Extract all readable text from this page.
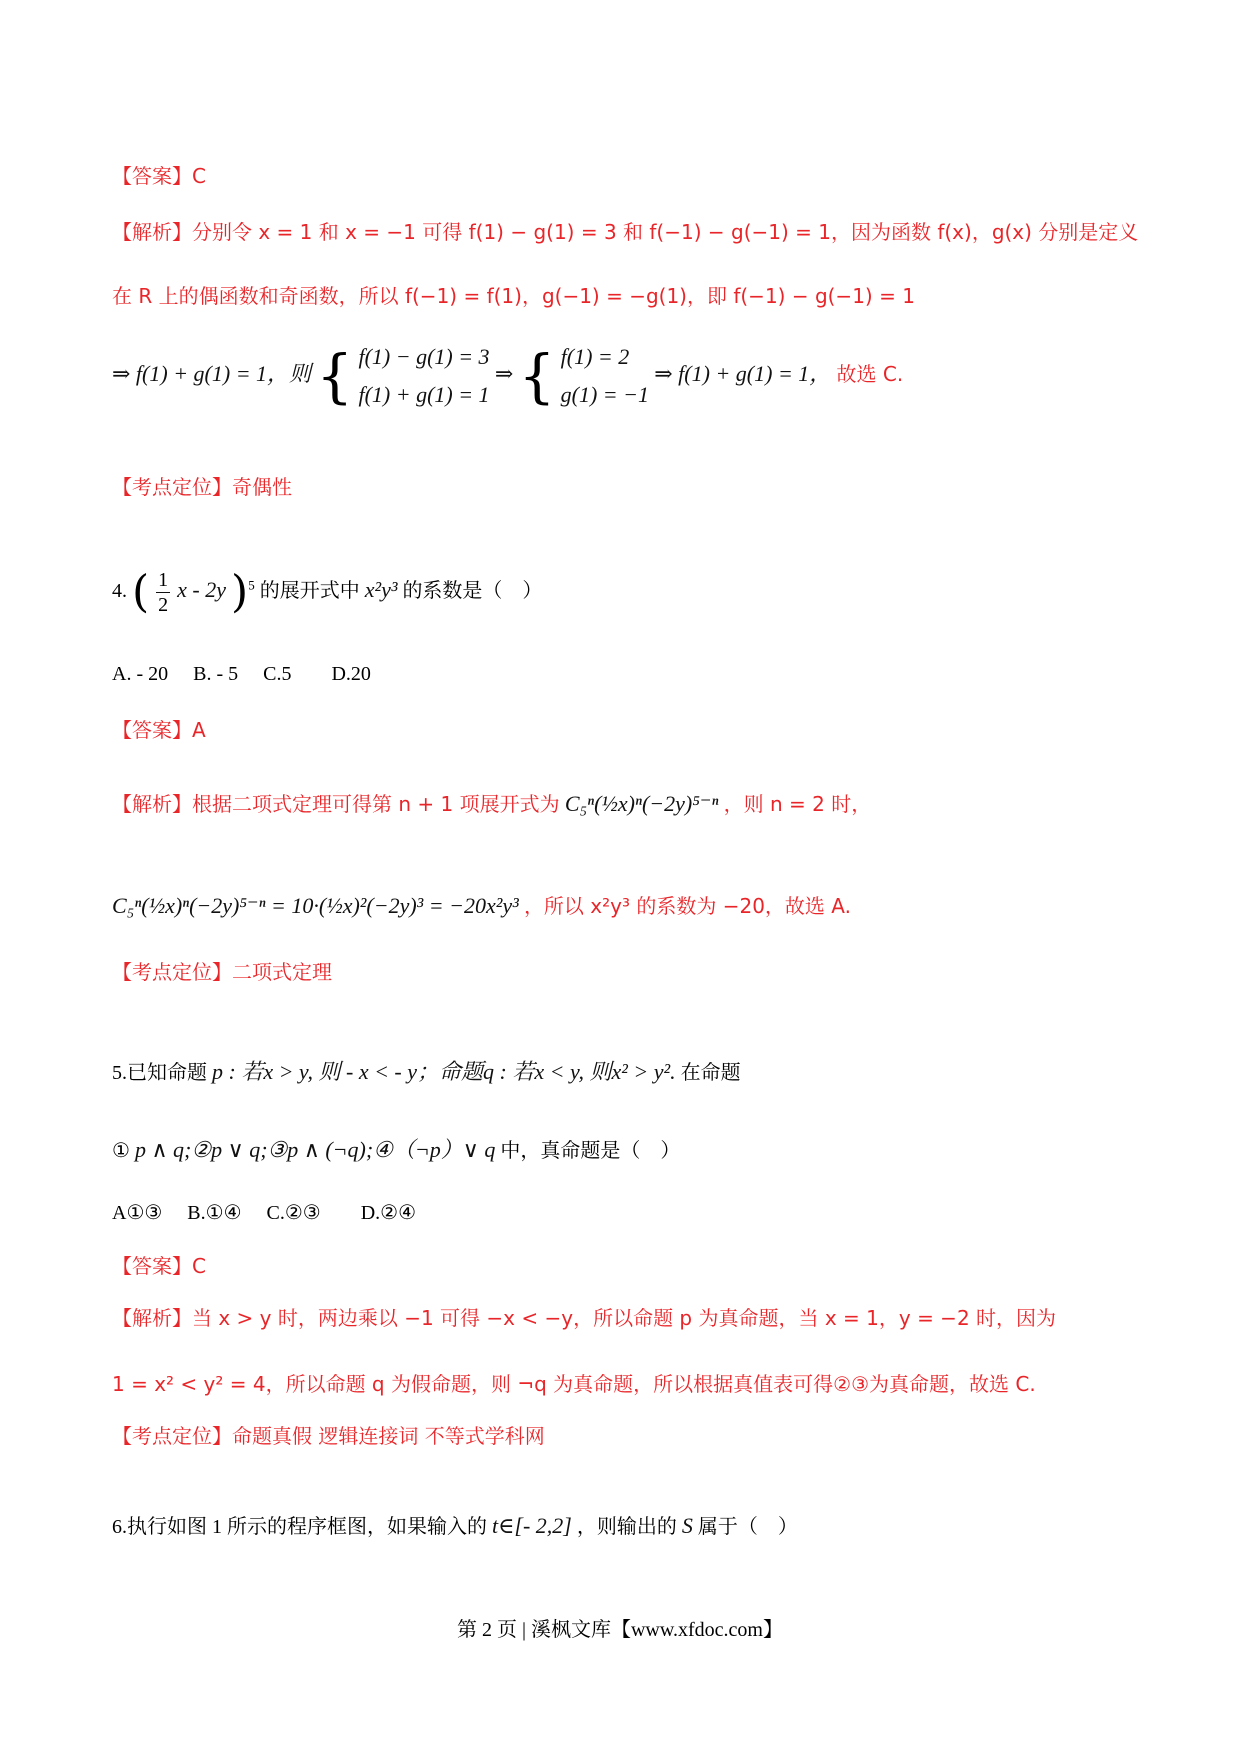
【答案】C
【解析】分别令 x = 1 和 x = −1 可得 f(1) − g(1) = 3 和 f(−1) − g(−1) = 1，因为函数 f(x)，g(x) 分别是定义
在 R 上的偶函数和奇函数，所以 f(−1) = f(1)，g(−1) = −g(1)，即 f(−1) − g(−1) = 1
⇒ f(1) + g(1) = 1，则 { f(1) − g(1) = 3
f(1) + g(1) = 1
⇒ { f(1) = 2
g(1) = −1
⇒ f(1) + g(1) = 1， 故选 C.
【考点定位】奇偶性
4. ( $\frac{1}{2}$ x - 2y )$^5$ 的展开式中 x²y³ 的系数是（　）
A. - 20　 B. - 5　 C.5　　D.20
【答案】A
【解析】根据二项式定理可得第 n + 1 项展开式为 C₅ⁿ(½x)ⁿ(−2y)⁵⁻ⁿ ，则 n = 2 时，
C₅ⁿ(½x)ⁿ(−2y)⁵⁻ⁿ = 10·(½x)²(−2y)³ = −20x²y³ ，所以 x²y³ 的系数为 −20，故选 A.
【考点定位】二项式定理
5.已知命题 p : 若x > y, 则 - x < - y；命题q : 若x < y, 则x² > y². 在命题
① p ∧ q;②p ∨ q;③p ∧ (¬q);④（¬p）∨ q 中，真命题是（　）
A①③　 B.①④　 C.②③　　D.②④
【答案】C
【解析】当 x > y 时，两边乘以 −1 可得 −x < −y，所以命题 p 为真命题，当 x = 1，y = −2 时，因为
1 = x² < y² = 4，所以命题 q 为假命题，则 ¬q 为真命题，所以根据真值表可得②③为真命题，故选 C.
【考点定位】命题真假 逻辑连接词 不等式学科网
6.执行如图 1 所示的程序框图，如果输入的 t∈[- 2,2] ，则输出的 S 属于（　）
第 2 页 | 溪枫文库【www.xfdoc.com】
